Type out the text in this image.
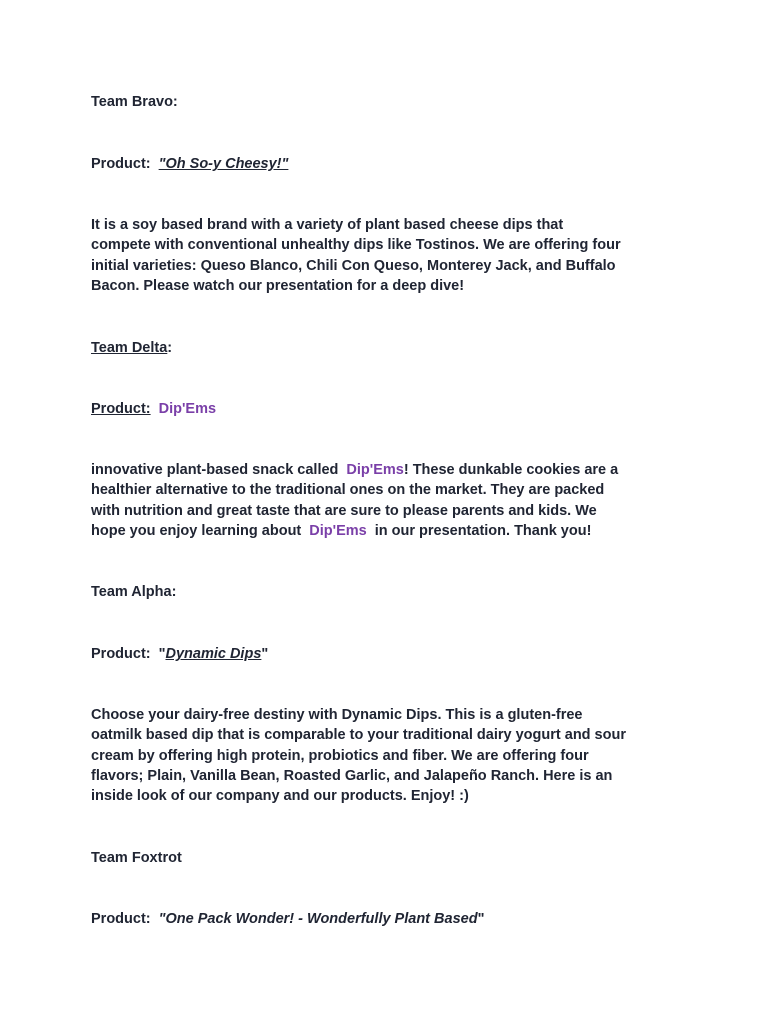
Team Bravo:
Product: "Oh So-y Cheesy!"
It is a soy based brand with a variety of plant based cheese dips that
compete with conventional unhealthy dips like Tostinos. We are offering four
initial varieties: Queso Blanco, Chili Con Queso, Monterey Jack, and Buffalo
Bacon. Please watch our presentation for a deep dive!
Team Delta:
Product: Dip'Ems
innovative plant-based snack called Dip'Ems! These dunkable cookies are a
healthier alternative to the traditional ones on the market. They are packed
with nutrition and great taste that are sure to please parents and kids. We
hope you enjoy learning about Dip'Ems in our presentation. Thank you!
Team Alpha:
Product: "Dynamic Dips"
Choose your dairy-free destiny with Dynamic Dips. This is a gluten-free
oatmilk based dip that is comparable to your traditional dairy yogurt and sour
cream by offering high protein, probiotics and fiber. We are offering four
flavors; Plain, Vanilla Bean, Roasted Garlic, and Jalapeño Ranch. Here is an
inside look of our company and our products. Enjoy! :)
Team Foxtrot
Product: "One Pack Wonder! - Wonderfully Plant Based"
